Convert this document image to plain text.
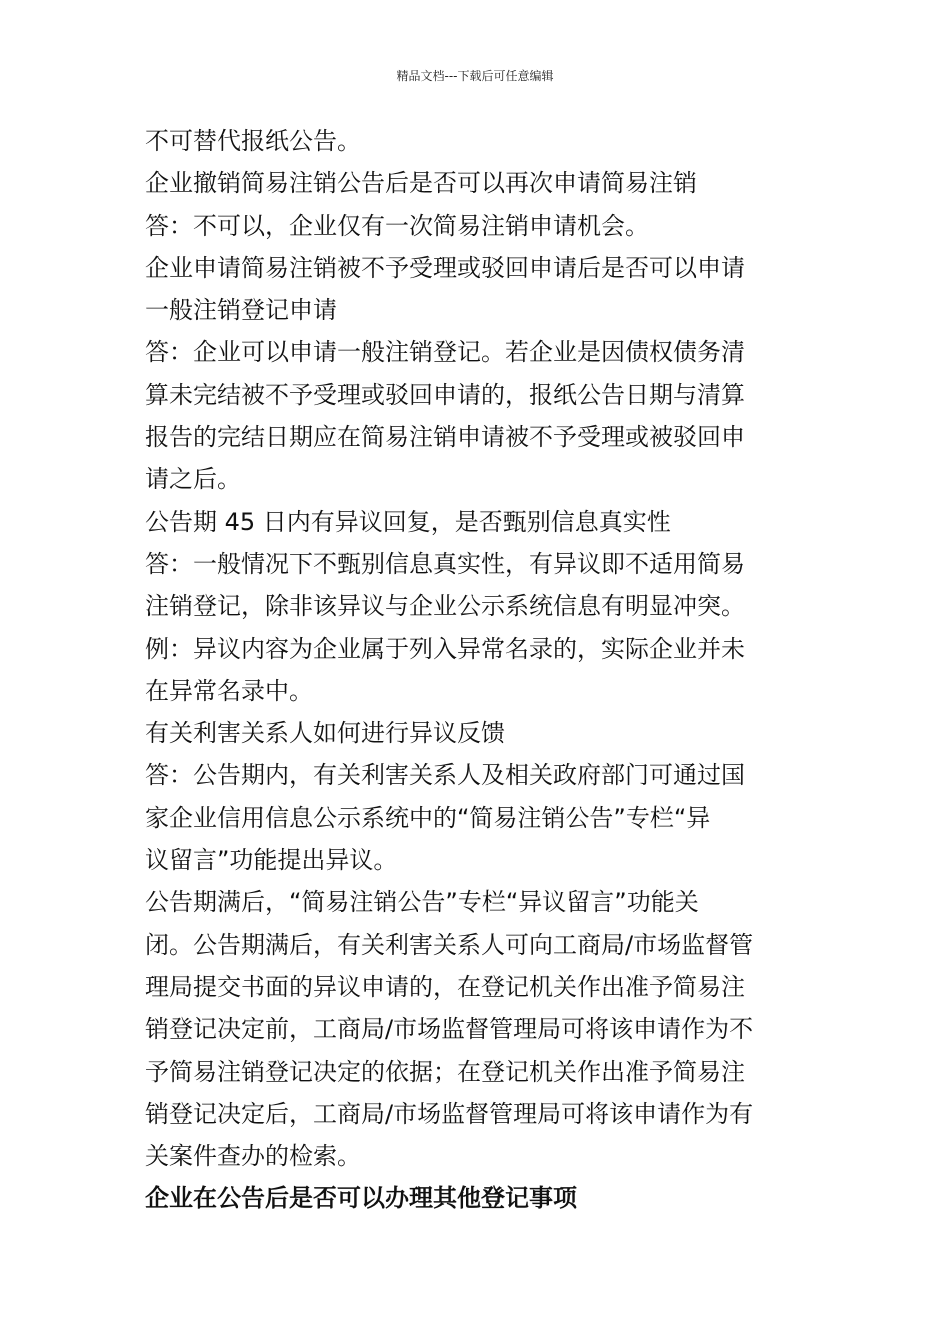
精品文档---下载后可任意编辑
不可替代报纸公告。
企业撤销简易注销公告后是否可以再次申请简易注销
答：不可以，企业仅有一次简易注销申请机会。
企业申请简易注销被不予受理或驳回申请后是否可以申请
一般注销登记申请
答：企业可以申请一般注销登记。若企业是因债权债务清
算未完结被不予受理或驳回申请的，报纸公告日期与清算
报告的完结日期应在简易注销申请被不予受理或被驳回申
请之后。
公告期 45 日内有异议回复，是否甄别信息真实性
答：一般情况下不甄别信息真实性，有异议即不适用简易
注销登记，除非该异议与企业公示系统信息有明显冲突。
例：异议内容为企业属于列入异常名录的，实际企业并未
在异常名录中。
有关利害关系人如何进行异议反馈
答：公告期内，有关利害关系人及相关政府部门可通过国
家企业信用信息公示系统中的“简易注销公告”专栏“异
议留言”功能提出异议。
公告期满后，“简易注销公告”专栏“异议留言”功能关
闭。公告期满后，有关利害关系人可向工商局/市场监督管
理局提交书面的异议申请的，在登记机关作出准予简易注
销登记决定前，工商局/市场监督管理局可将该申请作为不
予简易注销登记决定的依据；在登记机关作出准予简易注
销登记决定后，工商局/市场监督管理局可将该申请作为有
关案件查办的检索。
企业在公告后是否可以办理其他登记事项
